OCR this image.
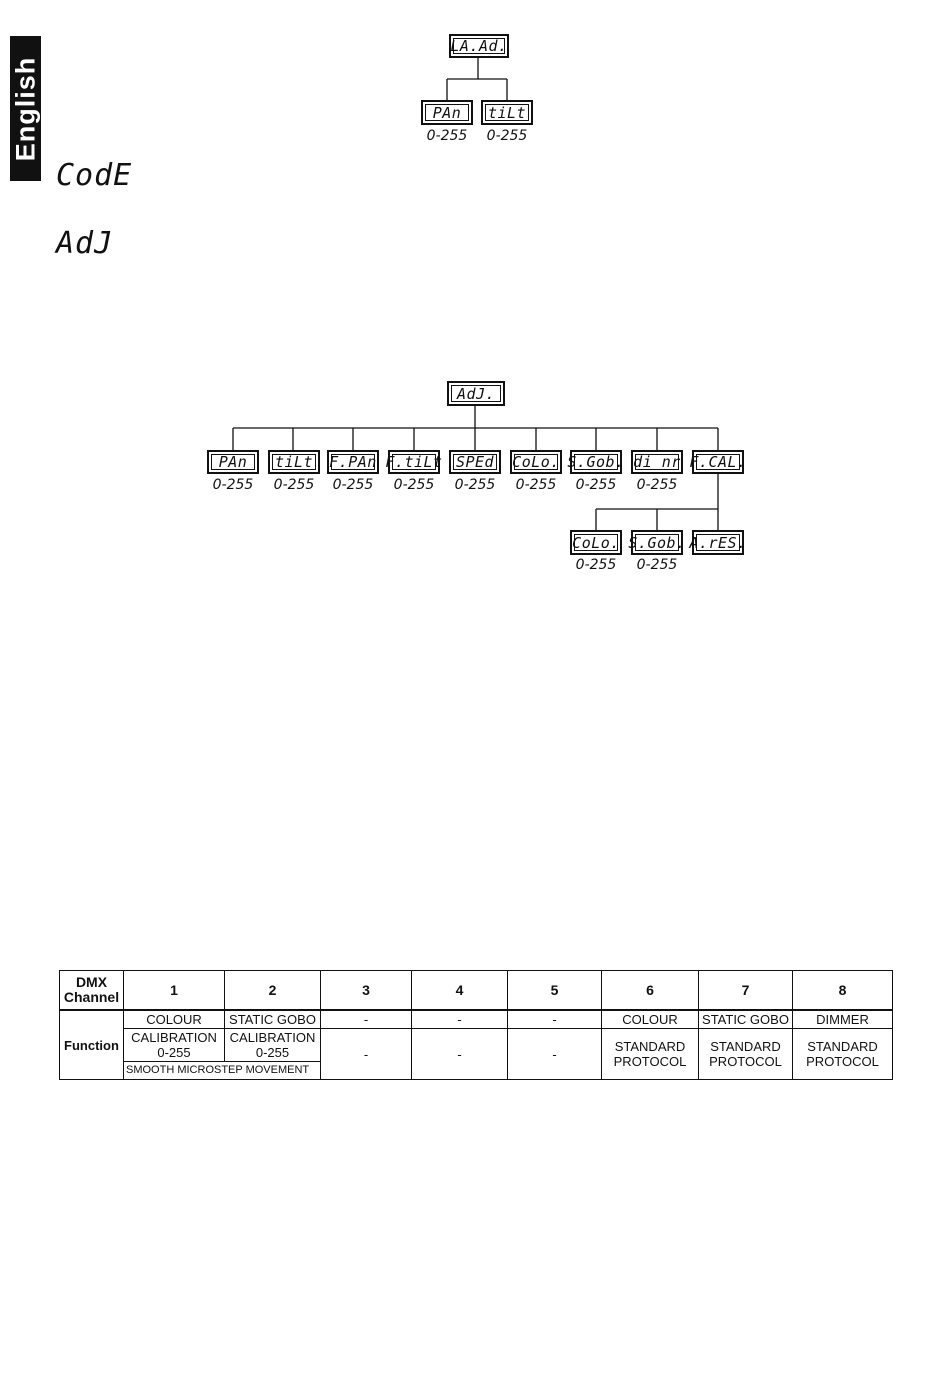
English
CodE
AdJ
LA.Ad.
PAn	tiLt
0-255	0-255
AdJ.
PAn	tiLt	F.PAn F.tiLt SPEd	CoLo. S.Gob. di nr F.CAL.
0-255	0-255	0-255	0-255	0-255	0-255	0-255	0-255
CoLo. S.Gob. A.rES.
0-255	0-255
DMX Channel	1	2	3	4	5	6	7	8
Function	COLOUR	STATIC GOBO	-	-	-	COLOUR	STATIC GOBO	DIMMER
	CALIBRATION 0-255	CALIBRATION 0-255	-	-	-	STANDARD PROTOCOL	STANDARD PROTOCOL	STANDARD PROTOCOL
	SMOOTH MICROSTEP MOVEMENT							
